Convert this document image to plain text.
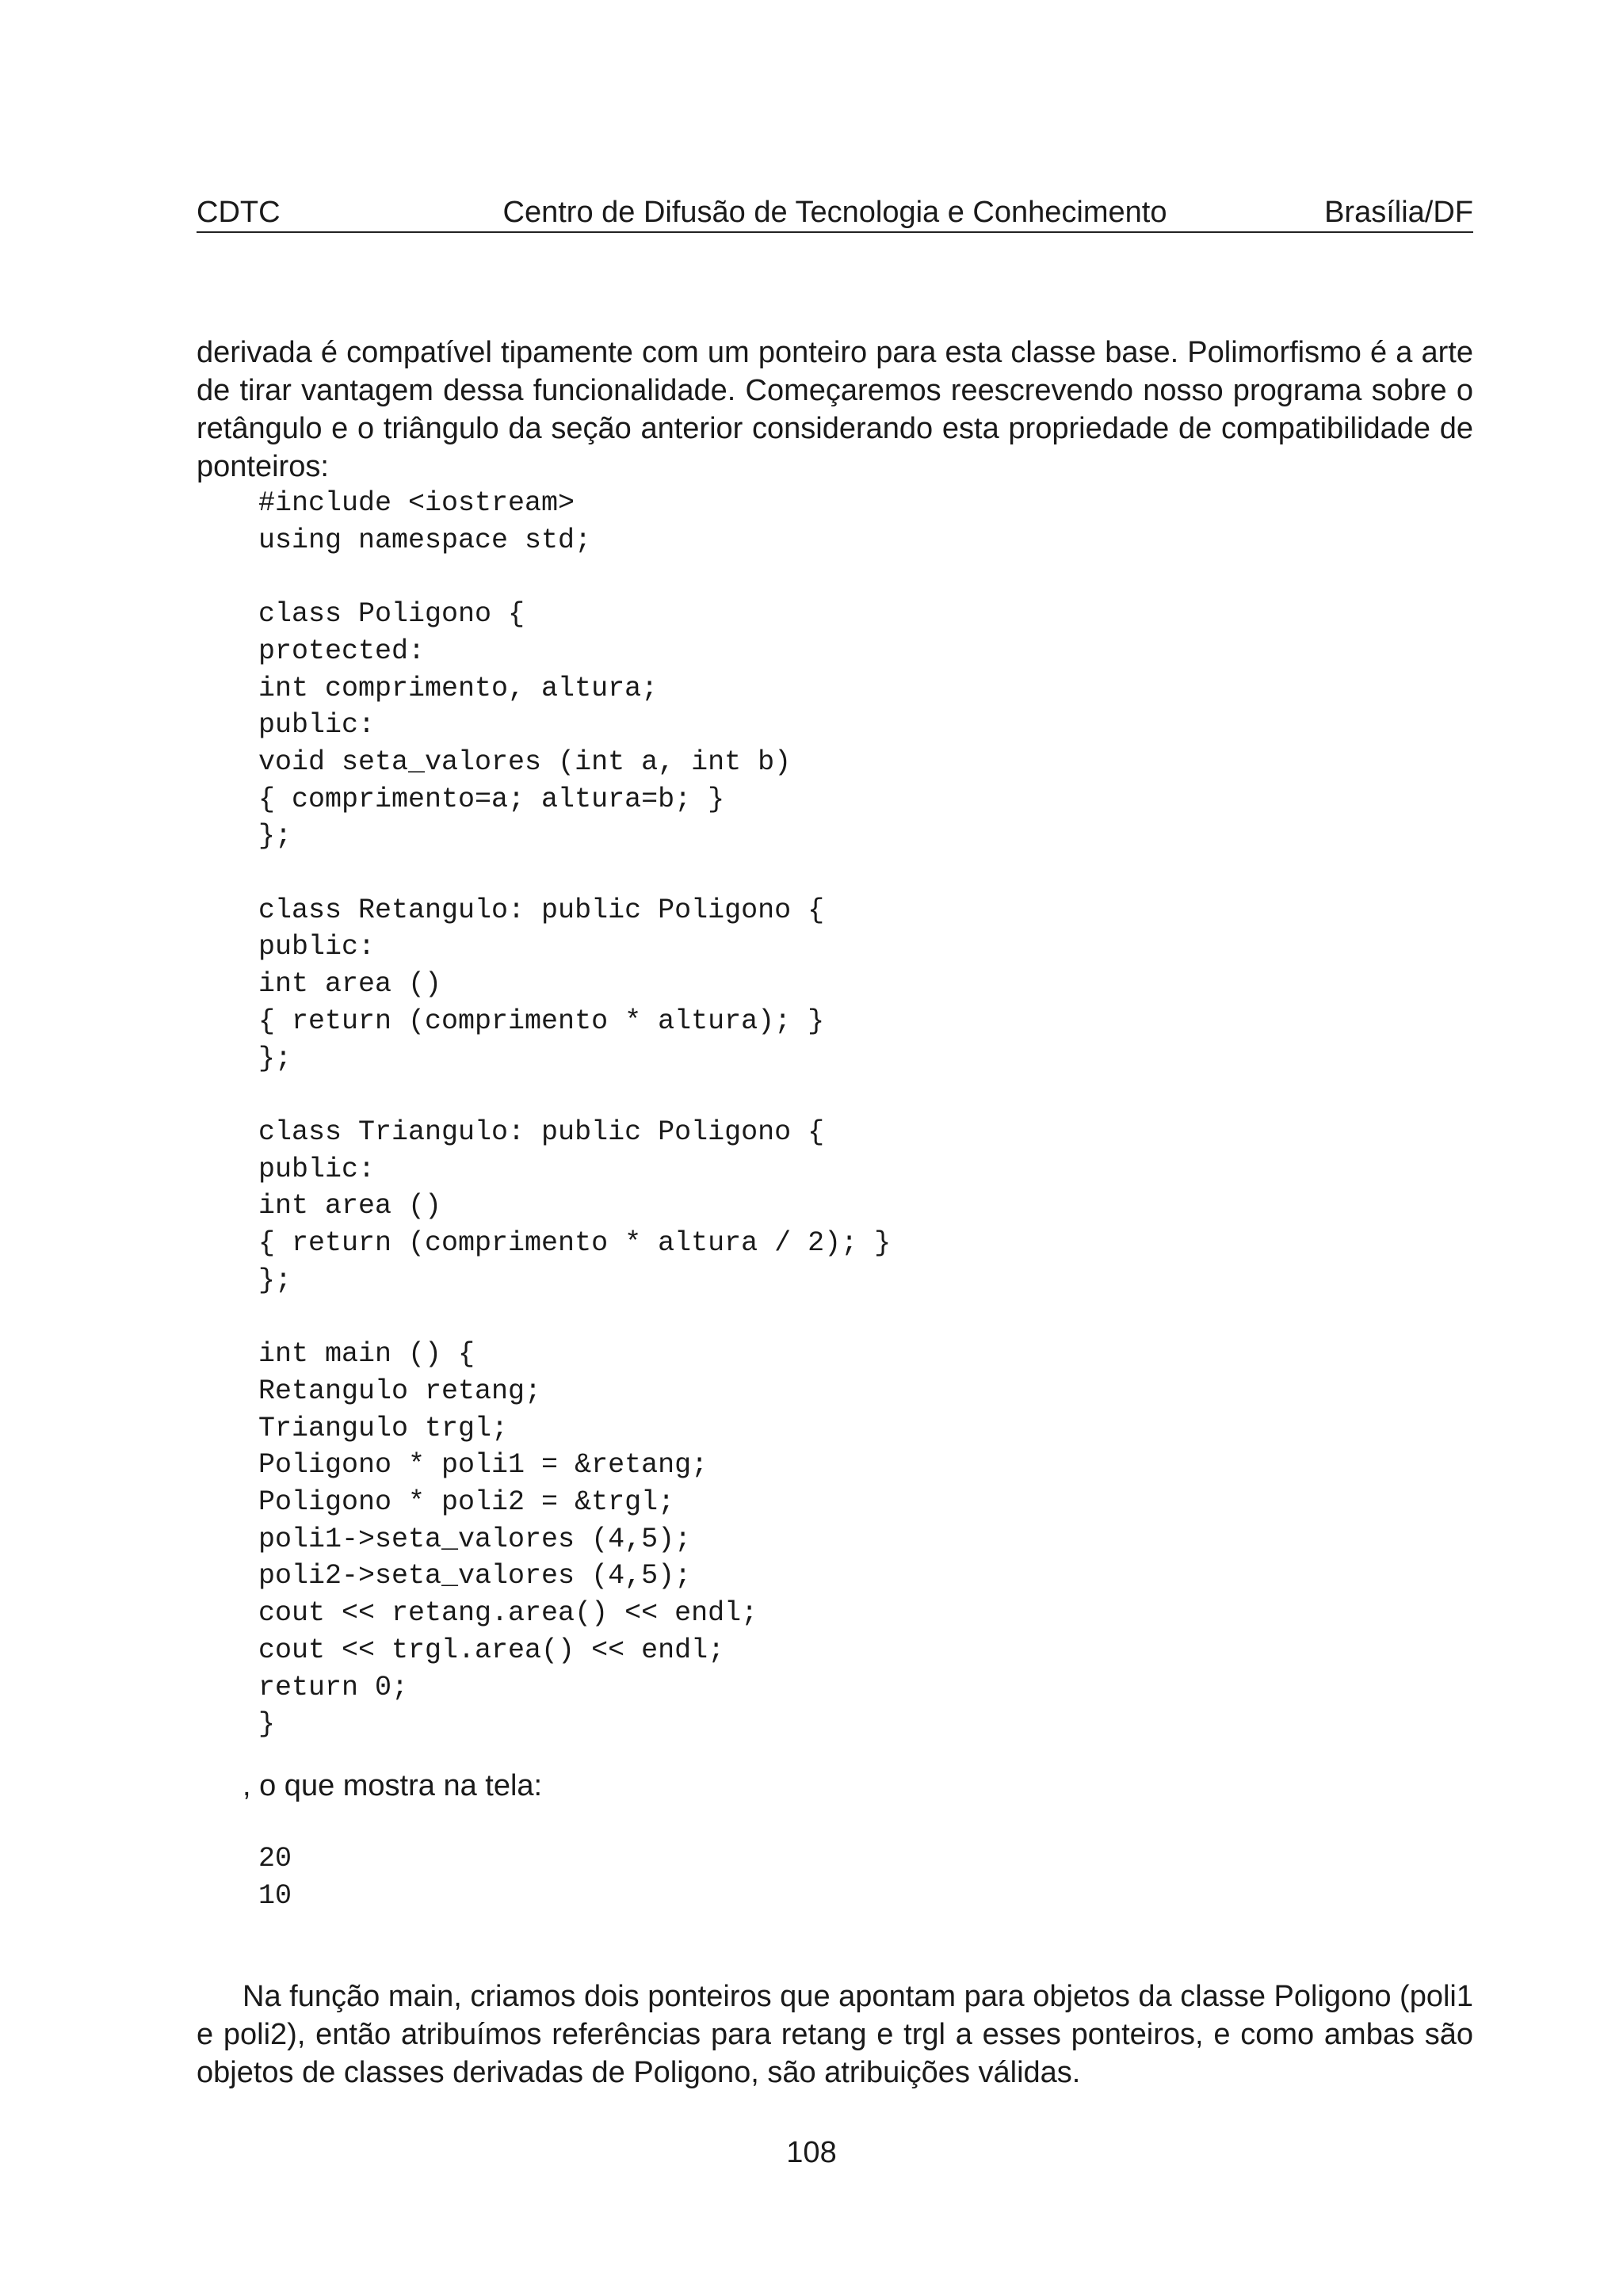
CDTC	Centro de Difusão de Tecnologia e Conhecimento	Brasília/DF

derivada é compatível tipamente com um ponteiro para esta classe base. Polimorfismo é a arte de tirar vantagem dessa funcionalidade. Começaremos reescrevendo nosso programa sobre o retângulo e o triângulo da seção anterior considerando esta propriedade de compatibilidade de ponteiros:

#include <iostream>
using namespace std;

class Poligono {
protected:
int comprimento, altura;
public:
void seta_valores (int a, int b)
{ comprimento=a; altura=b; }
};

class Retangulo: public Poligono {
public:
int area ()
{ return (comprimento * altura); }
};

class Triangulo: public Poligono {
public:
int area ()
{ return (comprimento * altura / 2); }
};

int main () {
Retangulo retang;
Triangulo trgl;
Poligono * poli1 = &retang;
Poligono * poli2 = &trgl;
poli1->seta_valores (4,5);
poli2->seta_valores (4,5);
cout << retang.area() << endl;
cout << trgl.area() << endl;
return 0;
}
, o que mostra na tela:
20
10

Na função main, criamos dois ponteiros que apontam para objetos da classe Poligono (poli1 e poli2), então atribuímos referências para retang e trgl a esses ponteiros, e como ambas são objetos de classes derivadas de Poligono, são atribuições válidas.

108
